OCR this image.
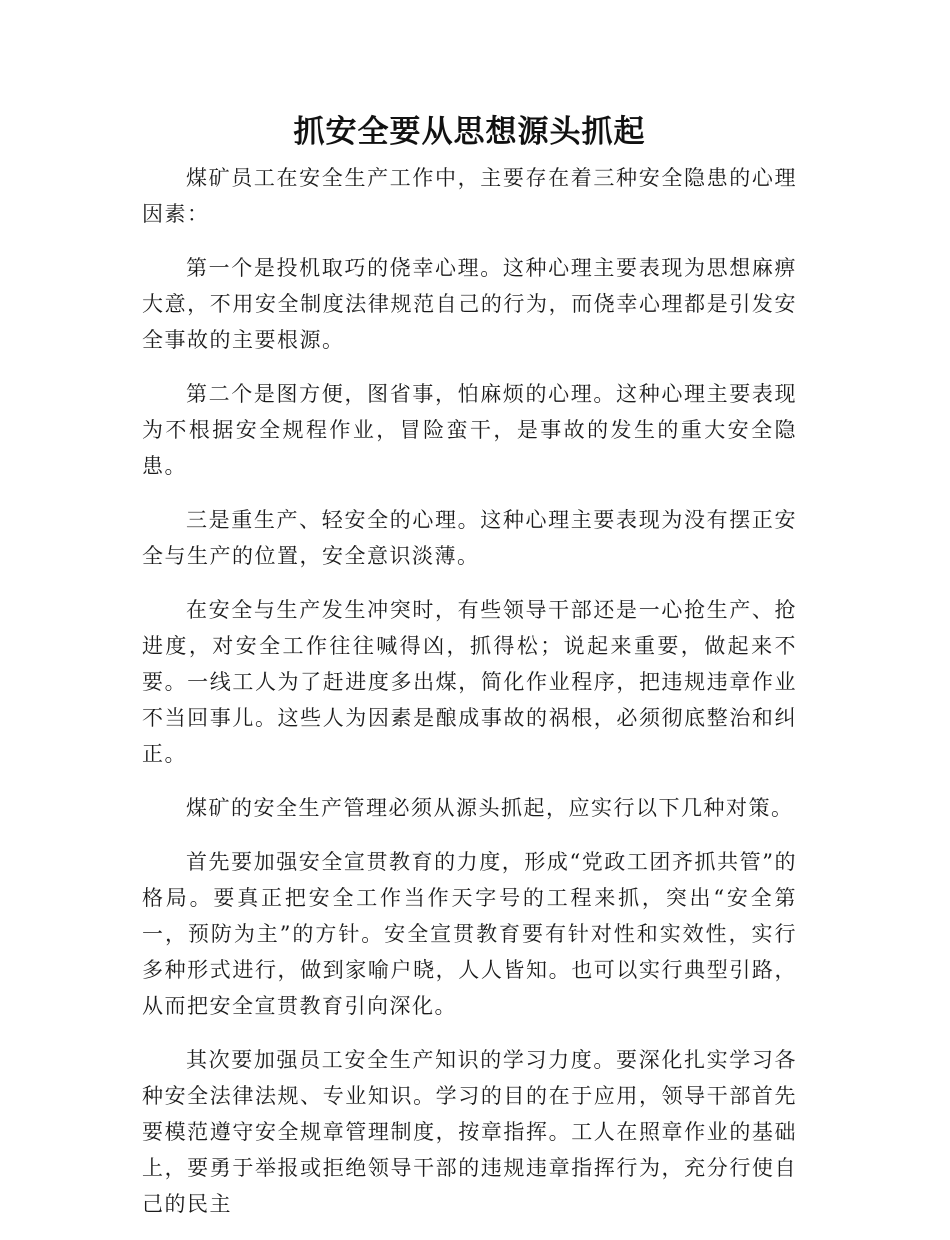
抓安全要从思想源头抓起

煤矿员工在安全生产工作中，主要存在着三种安全隐患的心理因素：

第一个是投机取巧的侥幸心理。这种心理主要表现为思想麻痹大意，不用安全制度法律规范自己的行为，而侥幸心理都是引发安全事故的主要根源。

第二个是图方便，图省事，怕麻烦的心理。这种心理主要表现为不根据安全规程作业，冒险蛮干，是事故的发生的重大安全隐患。

三是重生产、轻安全的心理。这种心理主要表现为没有摆正安全与生产的位置，安全意识淡薄。

在安全与生产发生冲突时，有些领导干部还是一心抢生产、抢进度，对安全工作往往喊得凶，抓得松；说起来重要，做起来不要。一线工人为了赶进度多出煤，简化作业程序，把违规违章作业不当回事儿。这些人为因素是酿成事故的祸根，必须彻底整治和纠正。

煤矿的安全生产管理必须从源头抓起，应实行以下几种对策。

首先要加强安全宣贯教育的力度，形成“党政工团齐抓共管”的格局。要真正把安全工作当作天字号的工程来抓，突出“安全第一，预防为主”的方针。安全宣贯教育要有针对性和实效性，实行多种形式进行，做到家喻户晓，人人皆知。也可以实行典型引路，从而把安全宣贯教育引向深化。

其次要加强员工安全生产知识的学习力度。要深化扎实学习各种安全法律法规、专业知识。学习的目的在于应用，领导干部首先要模范遵守安全规章管理制度，按章指挥。工人在照章作业的基础上，要勇于举报或拒绝领导干部的违规违章指挥行为，充分行使自己的民主
